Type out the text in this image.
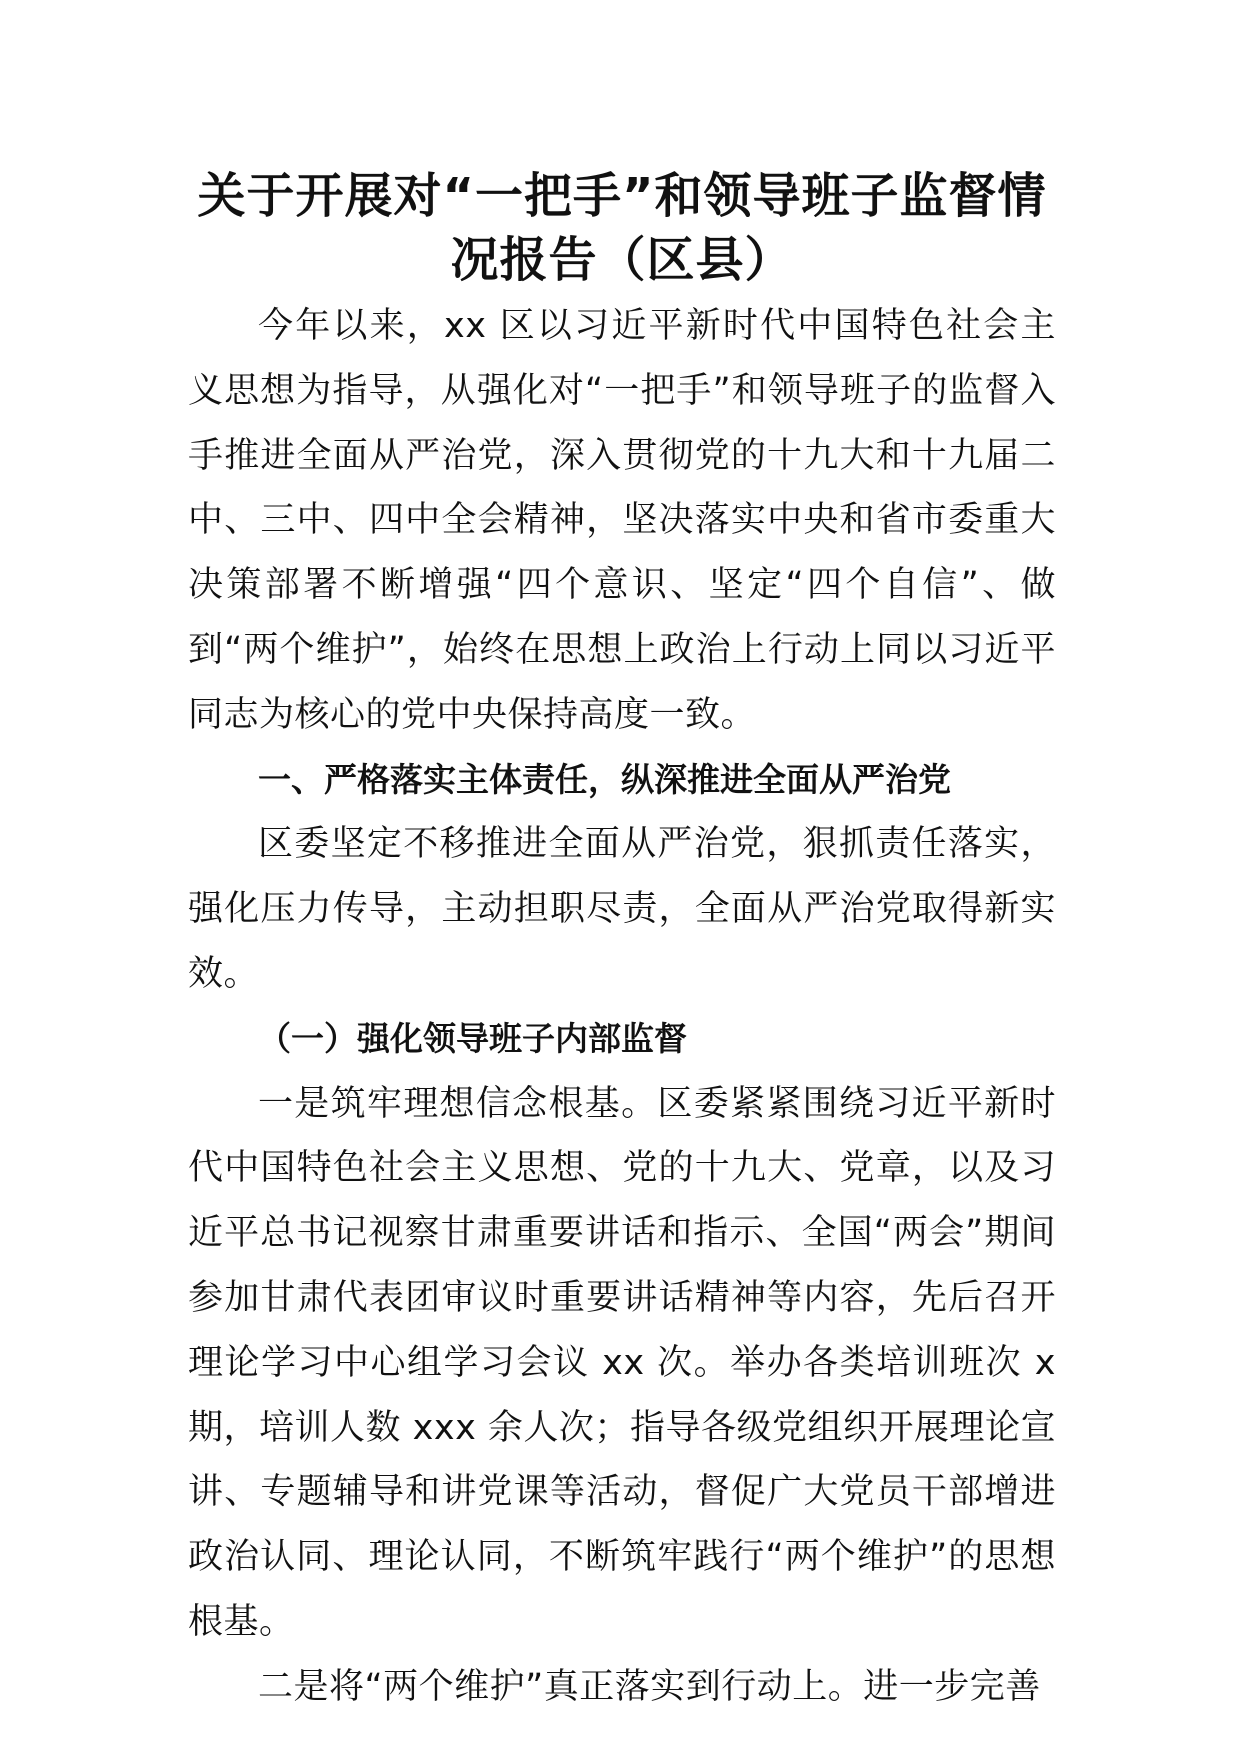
关于开展对“一把手”和领导班子监督情
况报告（区县）

今年以来，xx 区以习近平新时代中国特色社会主义思想为指导，从强化对“一把手”和领导班子的监督入手推进全面从严治党，深入贯彻党的十九大和十九届二中、三中、四中全会精神，坚决落实中央和省市委重大决策部署不断增强“四个意识、坚定“四个自信”、做到“两个维护”，始终在思想上政治上行动上同以习近平同志为核心的党中央保持高度一致。

一、严格落实主体责任，纵深推进全面从严治党

区委坚定不移推进全面从严治党，狠抓责任落实，强化压力传导，主动担职尽责，全面从严治党取得新实效。

（一）强化领导班子内部监督

一是筑牢理想信念根基。区委紧紧围绕习近平新时代中国特色社会主义思想、党的十九大、党章，以及习近平总书记视察甘肃重要讲话和指示、全国“两会”期间参加甘肃代表团审议时重要讲话精神等内容，先后召开理论学习中心组学习会议 xx 次。举办各类培训班次 x 期，培训人数 xxx 余人次；指导各级党组织开展理论宣讲、专题辅导和讲党课等活动，督促广大党员干部增进政治认同、理论认同，不断筑牢践行“两个维护”的思想根基。

二是将“两个维护”真正落实到行动上。进一步完善
